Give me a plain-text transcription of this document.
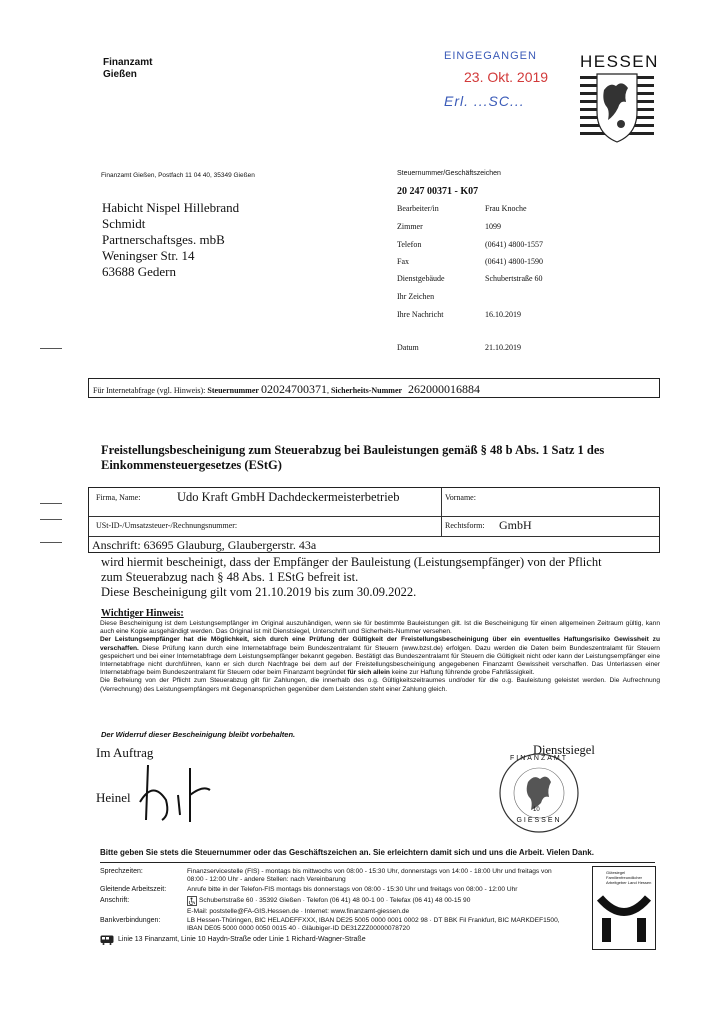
Finanzamt
Gießen
EINGEGANGEN
23. Okt. 2019
Erl. ...SC...
HESSEN
Finanzamt Gießen, Postfach 11 04 40, 35349 Gießen
Habicht Nispel Hillebrand
Schmidt
Partnerschaftsges. mbB
Weningser Str. 14
63688 Gedern
Steuernummer/Geschäftszeichen
20 247 00371 - K07
Bearbeiter/in	Frau Knoche
Zimmer	1099
Telefon	(0641) 4800-1557
Fax	(0641) 4800-1590
Dienstgebäude	Schubertstraße 60
Ihr Zeichen
Ihre Nachricht	16.10.2019
Datum	21.10.2019
Für Internetabfrage (vgl. Hinweis): Steuernummer 02024700371, Sicherheits-Nummer 262000016884
Freistellungsbescheinigung zum Steuerabzug bei Bauleistungen gemäß § 48 b Abs. 1 Satz 1 des Einkommensteuergesetzes (EStG)
Firma, Name:	Udo Kraft GmbH Dachdeckermeisterbetrieb	Vorname:
USt-ID-/Umsatzsteuer-/Rechnungsnummer:	Rechtsform: GmbH
Anschrift: 63695 Glauburg, Glaubergerstr. 43a
wird hiermit bescheinigt, dass der Empfänger der Bauleistung (Leistungsempfänger) von der Pflicht
zum Steuerabzug nach § 48 Abs. 1 EStG befreit ist.
Diese Bescheinigung gilt vom 21.10.2019 bis zum 30.09.2022.
Wichtiger Hinweis:
Diese Bescheinigung ist dem Leistungsempfänger im Original auszuhändigen, wenn sie für bestimmte Bauleistungen gilt. Ist die Bescheinigung für einen allgemeinen Zeitraum gültig, kann auch eine Kopie ausgehändigt werden. Das Original ist mit Dienstsiegel, Unterschrift und Sicherheits-Nummer versehen.
Der Leistungsempfänger hat die Möglichkeit, sich durch eine Prüfung der Gültigkeit der Freistellungsbescheinigung über ein eventuelles Haftungsrisiko Gewissheit zu verschaffen. Diese Prüfung kann durch eine Internetabfrage beim Bundeszentralamt für Steuern (www.bzst.de) erfolgen. Dazu werden die Daten beim Bundeszentralamt für Steuern gespeichert und bei einer Internetabfrage dem Leistungsempfänger bekannt gegeben. Bestätigt das Bundeszentralamt für Steuern die Gültigkeit nicht oder kann der Leistungsempfänger eine Internetabfrage nicht durchführen, kann er sich durch Nachfrage bei dem auf der Freistellungsbescheinigung angegebenen Finanzamt Gewissheit verschaffen. Das Unterlassen einer Internetabfrage beim Bundeszentralamt für Steuern oder beim Finanzamt begründet für sich allein keine zur Haftung führende grobe Fahrlässigkeit.
Die Befreiung von der Pflicht zum Steuerabzug gilt für Zahlungen, die innerhalb des o.g. Gültigkeitszeitraumes und/oder für die o.g. Bauleistung geleistet werden. Die Aufrechnung (Verrechnung) des Leistungsempfängers mit Gegenansprüchen gegenüber dem Leistenden steht einer Zahlung gleich.
Der Widerruf dieser Bescheinigung bleibt vorbehalten.
Im Auftrag
Heinel
Dienstsiegel
FINANZAMT
GIESSEN
10
Bitte geben Sie stets die Steuernummer oder das Geschäftszeichen an. Sie erleichtern damit sich und uns die Arbeit. Vielen Dank.
Sprechzeiten:	Finanzservicestelle (FIS) - montags bis mittwochs von 08:00 - 15:30 Uhr, donnerstags von 14:00 - 18:00 Uhr und freitags von 08:00 - 12:00 Uhr - andere Stellen: nach Vereinbarung
Gleitende Arbeitszeit:	Anrufe bitte in der Telefon-FIS montags bis donnerstags von 08:00 - 15:30 Uhr und freitags von 08:00 - 12:00 Uhr
Anschrift:	Schubertstraße 60 · 35392 Gießen · Telefon (06 41) 48 00-1 00 · Telefax (06 41) 48 00-15 90
E-Mail: poststelle@FA-GIS.Hessen.de · Internet: www.finanzamt-giessen.de
Bankverbindungen:	LB Hessen-Thüringen, BIC HELADEFFXXX, IBAN DE25 5005 0000 0001 0002 98 · DT BBK Fil Frankfurt, BIC MARKDEF1500, IBAN DE05 5000 0000 0050 0015 40 · Gläubiger-ID DE31ZZZ00000078720
Linie 13 Finanzamt, Linie 10 Haydn-Straße oder Linie 1 Richard-Wagner-Straße
Gütesiegel Familienfreundlicher Arbeitgeber Land Hessen
